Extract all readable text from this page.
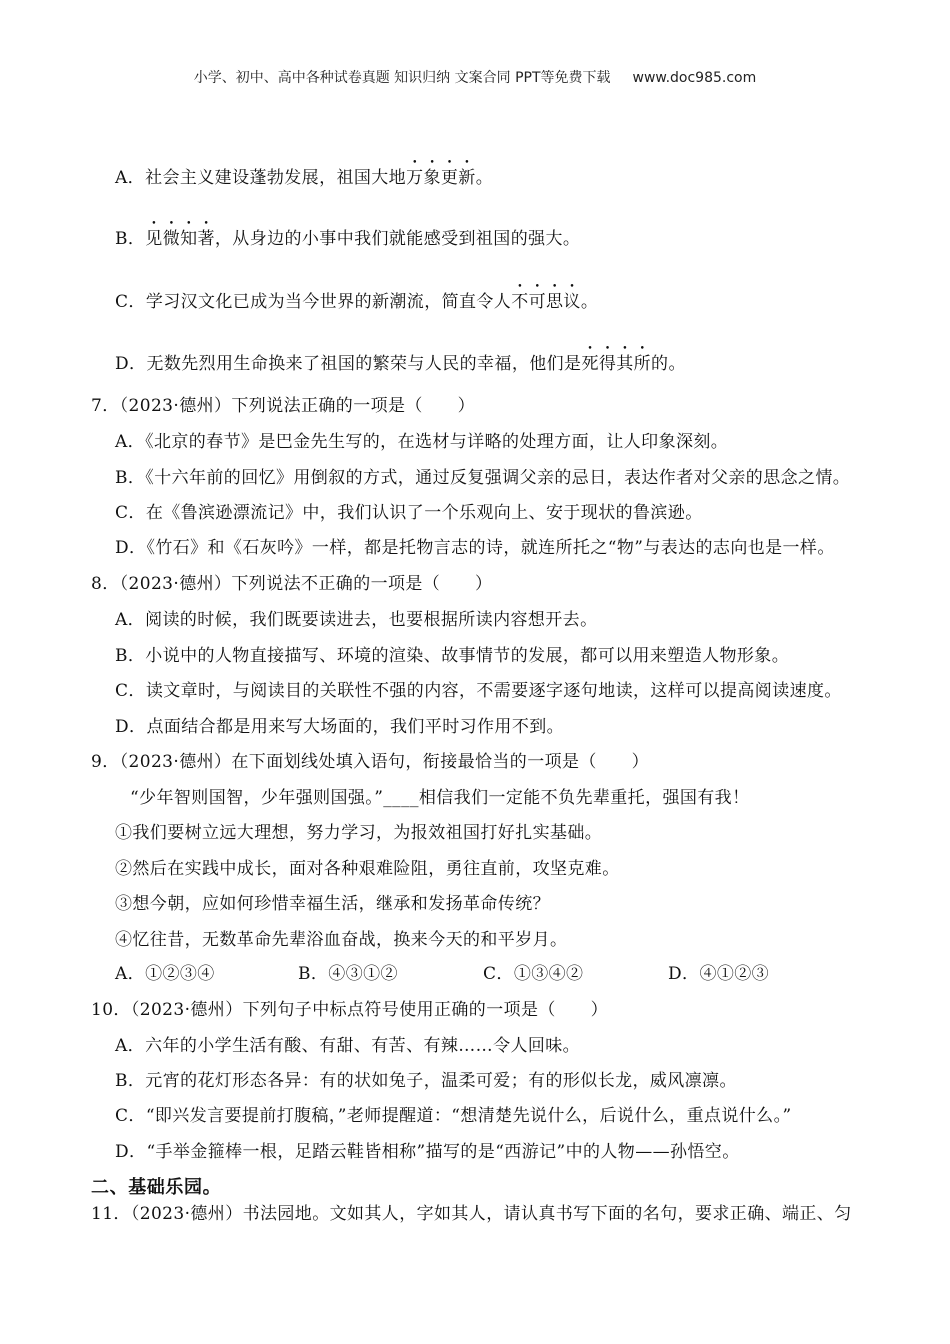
小学、初中、高中各种试卷真题 知识归纳 文案合同 PPT等免费下载 www.doc985.com
A．社会主义建设蓬勃发展，祖国大地万象更新。
B．见微知著，从身边的小事中我们就能感受到祖国的强大。
C．学习汉文化已成为当今世界的新潮流，简直令人不可思议。
D．无数先烈用生命换来了祖国的繁荣与人民的幸福，他们是死得其所的。
7．（2023·德州）下列说法正确的一项是（　　）
A．《北京的春节》是巴金先生写的，在选材与详略的处理方面，让人印象深刻。
B．《十六年前的回忆》用倒叙的方式，通过反复强调父亲的忌日，表达作者对父亲的思念之情。
C．在《鲁滨逊漂流记》中，我们认识了一个乐观向上、安于现状的鲁滨逊。
D．《竹石》和《石灰吟》一样，都是托物言志的诗，就连所托之“物”与表达的志向也是一样。
8．（2023·德州）下列说法不正确的一项是（　　）
A．阅读的时候，我们既要读进去，也要根据所读内容想开去。
B．小说中的人物直接描写、环境的渲染、故事情节的发展，都可以用来塑造人物形象。
C．读文章时，与阅读目的关联性不强的内容，不需要逐字逐句地读，这样可以提高阅读速度。
D．点面结合都是用来写大场面的，我们平时习作用不到。
9．（2023·德州）在下面划线处填入语句，衔接最恰当的一项是（　　）
“少年智则国智，少年强则国强。”____相信我们一定能不负先辈重托，强国有我！
①我们要树立远大理想，努力学习，为报效祖国打好扎实基础。
②然后在实践中成长，面对各种艰难险阻，勇往直前，攻坚克难。
③想今朝，应如何珍惜幸福生活，继承和发扬革命传统？
④忆往昔，无数革命先辈浴血奋战，换来今天的和平岁月。
A．①②③④	B．④③①②	C．①③④②	D．④①②③
10．（2023·德州）下列句子中标点符号使用正确的一项是（　　）
A．六年的小学生活有酸、有甜、有苦、有辣……令人回味。
B．元宵的花灯形态各异：有的状如兔子，温柔可爱；有的形似长龙，威风凛凛。
C．“即兴发言要提前打腹稿，”老师提醒道：“想清楚先说什么，后说什么，重点说什么。”
D．“手举金箍棒一根，足踏云鞋皆相称”描写的是“西游记”中的人物——孙悟空。
二、基础乐园。
11．（2023·德州）书法园地。文如其人，字如其人，请认真书写下面的名句，要求正确、端正、匀
